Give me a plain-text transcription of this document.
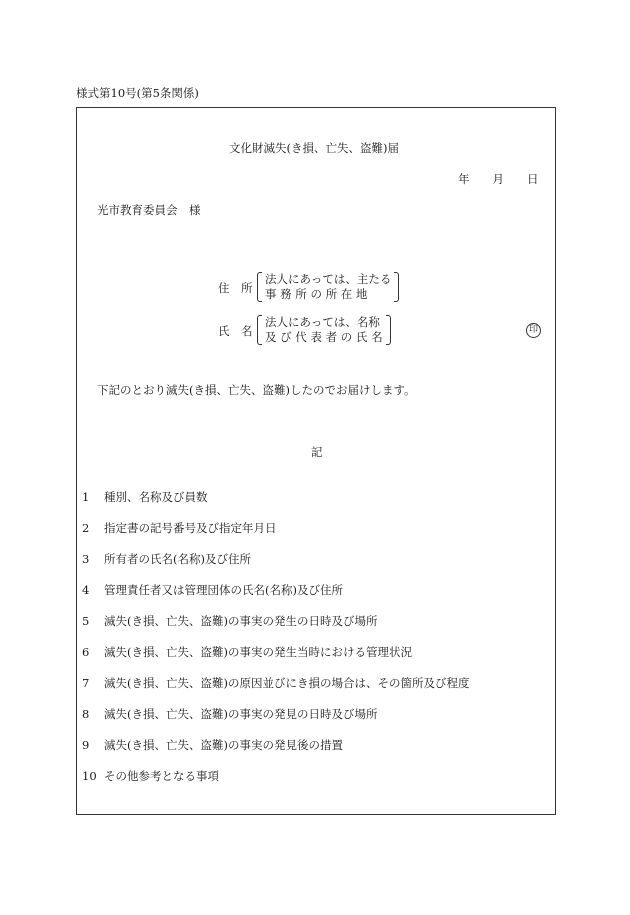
様式第10号(第5条関係)
文化財滅失(き損、亡失、盗難)届
年　　月　　日
光市教育委員会　様
住　所
法人にあっては、主たる
事 務 所 の 所 在 地
氏　名
法人にあっては、名称
及 び 代 表 者 の 氏 名	印
下記のとおり滅失(き損、亡失、盗難)したのでお届けします。
記
1 種別、名称及び員数
2 指定書の記号番号及び指定年月日
3 所有者の氏名(名称)及び住所
4 管理責任者又は管理団体の氏名(名称)及び住所
5 滅失(き損、亡失、盗難)の事実の発生の日時及び場所
6 滅失(き損、亡失、盗難)の事実の発生当時における管理状況
7 滅失(き損、亡失、盗難)の原因並びにき損の場合は、その箇所及び程度
8 滅失(き損、亡失、盗難)の事実の発見の日時及び場所
9 滅失(き損、亡失、盗難)の事実の発見後の措置
10 その他参考となる事項
